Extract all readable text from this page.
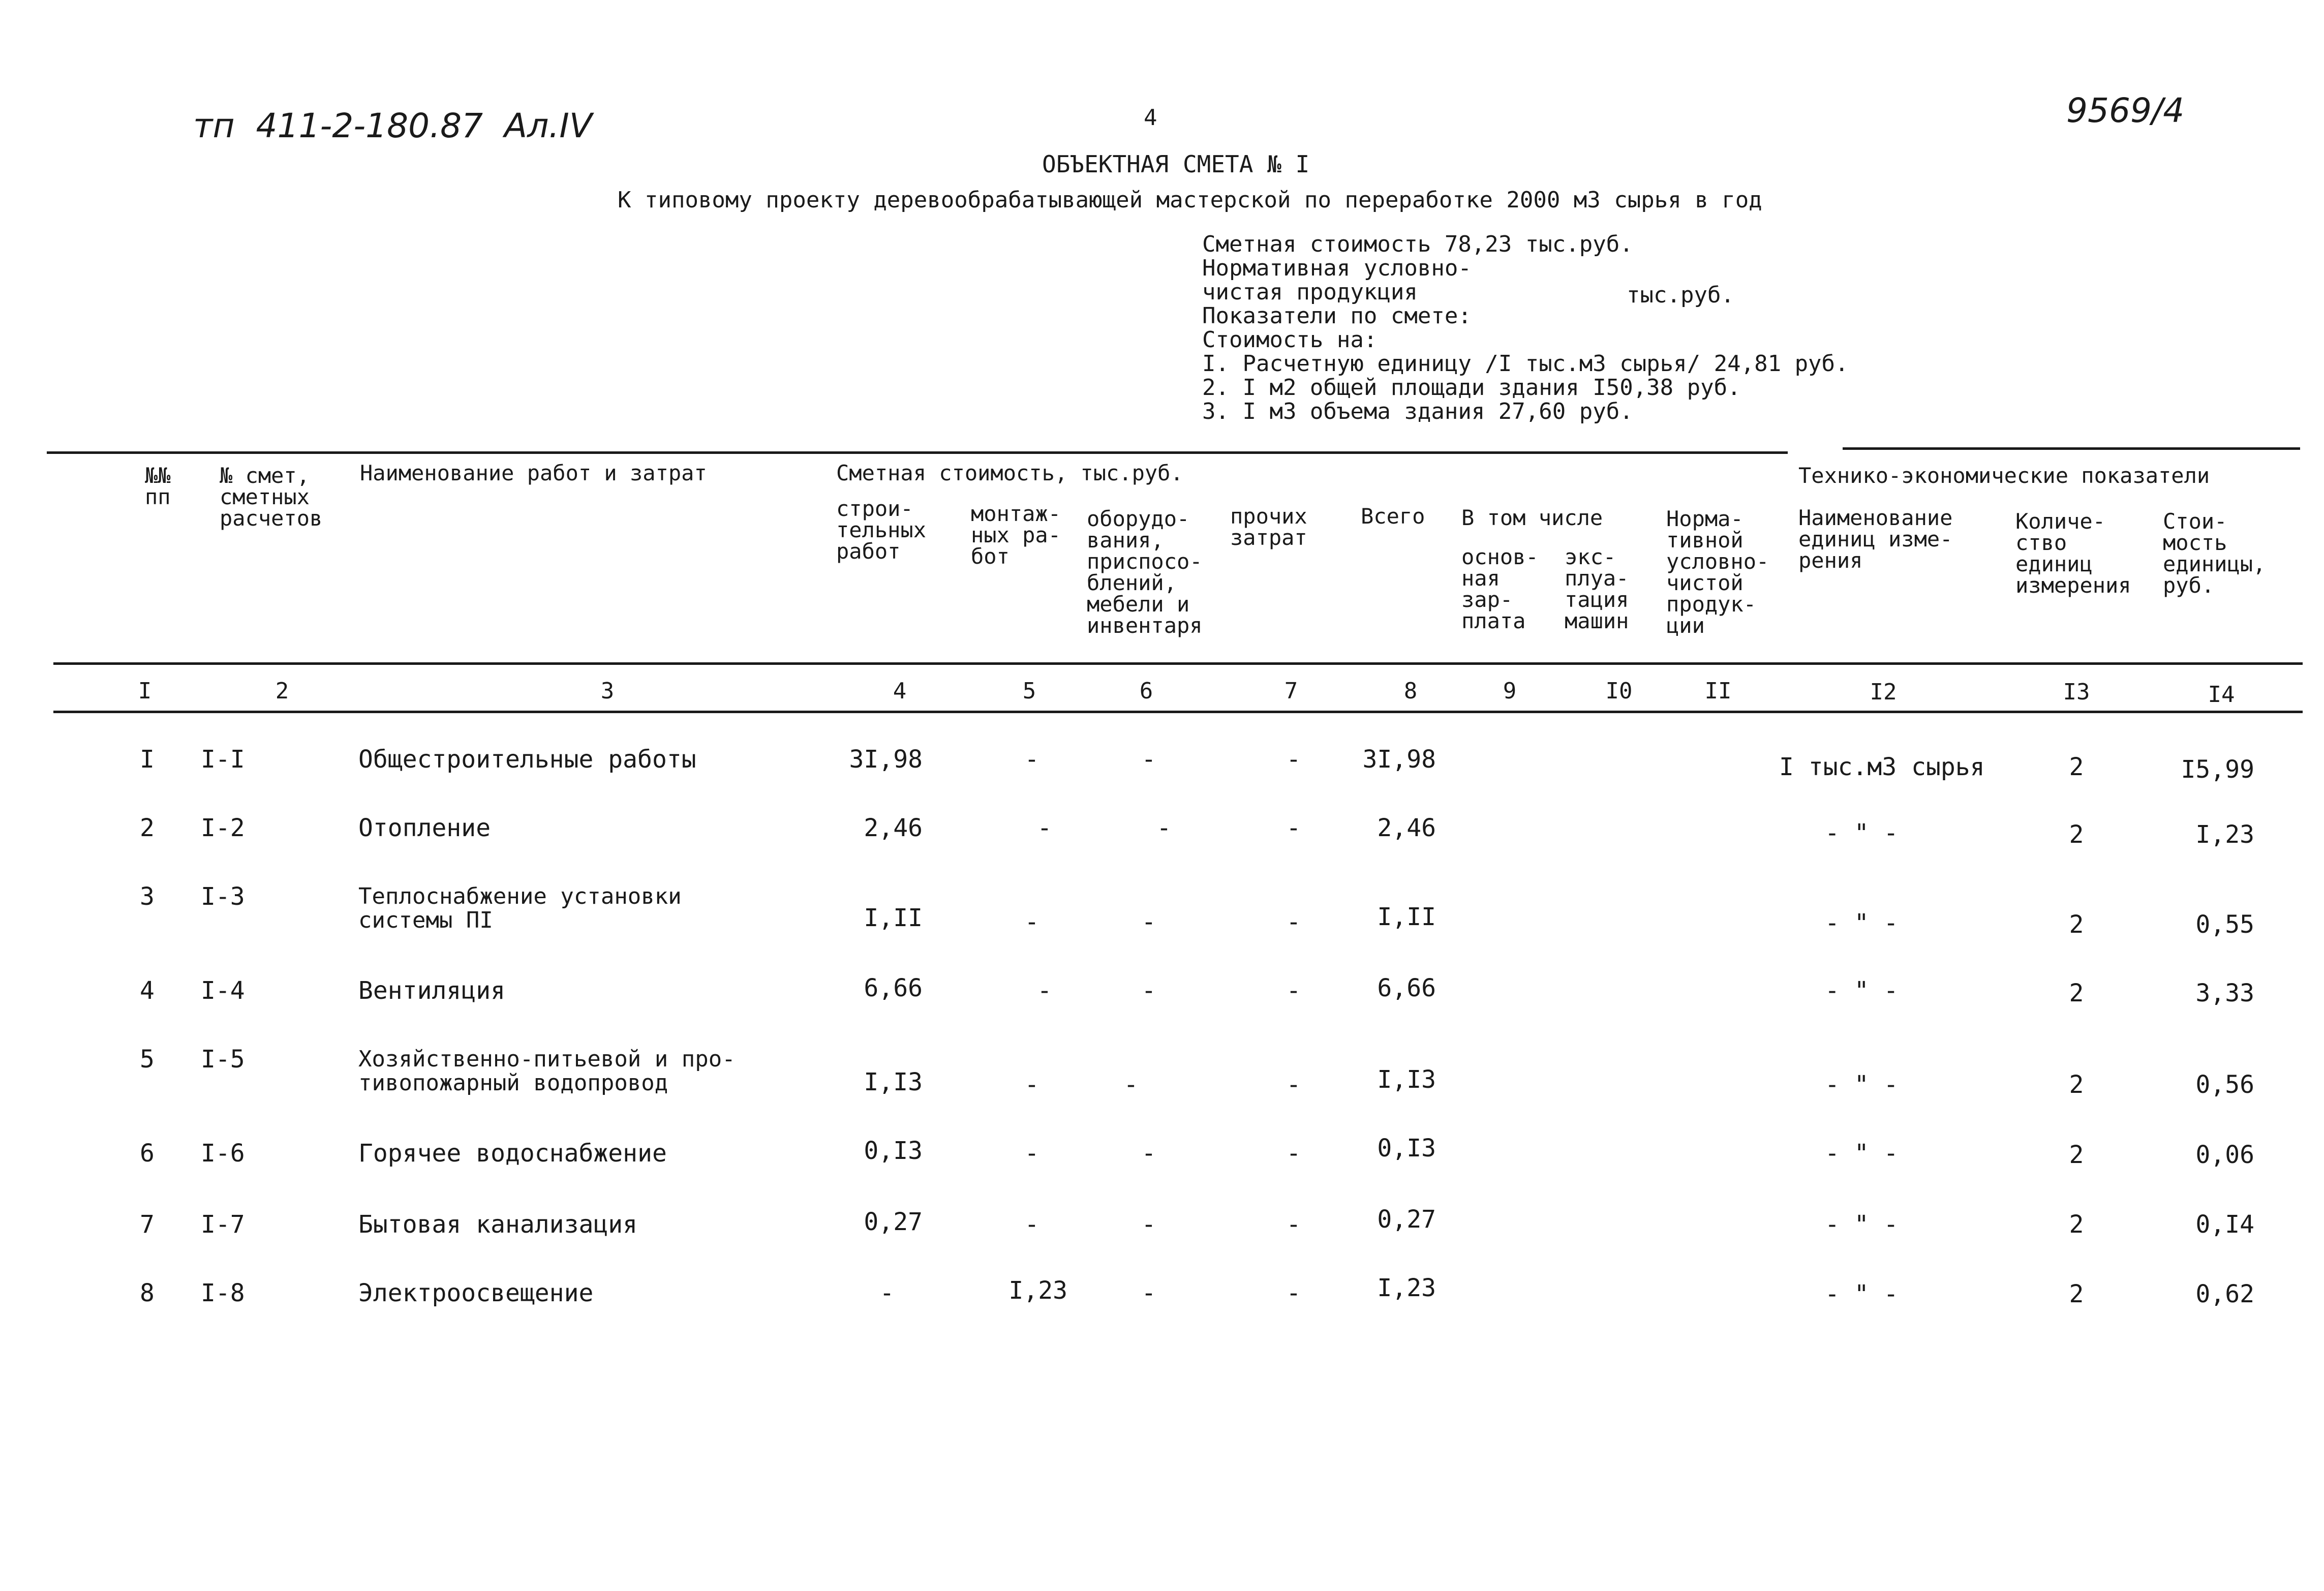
тп  411-2-180.87  Ал.IV	4	9569/4
ОБЪЕКТНАЯ СМЕТА № I
К типовому проекту деревообрабатывающей мастерской по переработке 2000 м3 сырья в год
Сметная стоимость 78,23 тыс.руб.
Нормативная условно-
чистая продукция	тыс.руб.
Показатели по смете:
Стоимость на:
I. Расчетную единицу /I тыс.м3 сырья/ 24,81 руб.
2. I м2 общей площади здания I50,38 руб.
3. I м3 объема здания 27,60 руб.
№№
пп
№ смет,
сметных
расчетов
Наименование работ и затрат	Сметная стоимость, тыс.руб.
строи-
тельных
работ
монтаж-
ных ра-
бот
оборудо-
вания,
приспосо-
блений,
мебели и
инвентаря
прочих
затрат
Всего В том числе
основ-
ная
зар-
плата
экс-
плуа-
тация
машин
Норма-
тивной
условно-
чистой
продук-
ции
Технико-экономические показатели
Наименование
единиц изме-
рения
Количе-
ство
единиц
измерения
Стои-
мость
единицы,
руб.
I	2	3	4	5	6	7	8	9	I0	II	I2	I3	I4
I I-I	Общестроительные работы	3I,98	-	-	-	3I,98	I тыс.м3 сырья	2	I5,99
2 I-2	Отопление	2,46	-	-	-	2,46	- " -	2	I,23
3 I-3	Теплоснабжение установки
системы ПI	I,II	-	-	-	I,II	- " -	2	0,55
4 I-4	Вентиляция	6,66	-	-	-	6,66	- " -	2	3,33
5 I-5	Хозяйственно-питьевой и про-
тивопожарный водопровод	I,I3	-	-	-	I,I3	- " -	2	0,56
6 I-6	Горячее водоснабжение	0,I3	-	-	-	0,I3	- " -	2	0,06
7 I-7	Бытовая канализация	0,27	-	-	-	0,27	- " -	2	0,I4
8 I-8	Электроосвещение	-	I,23	-	-	I,23	- " -	2	0,62
